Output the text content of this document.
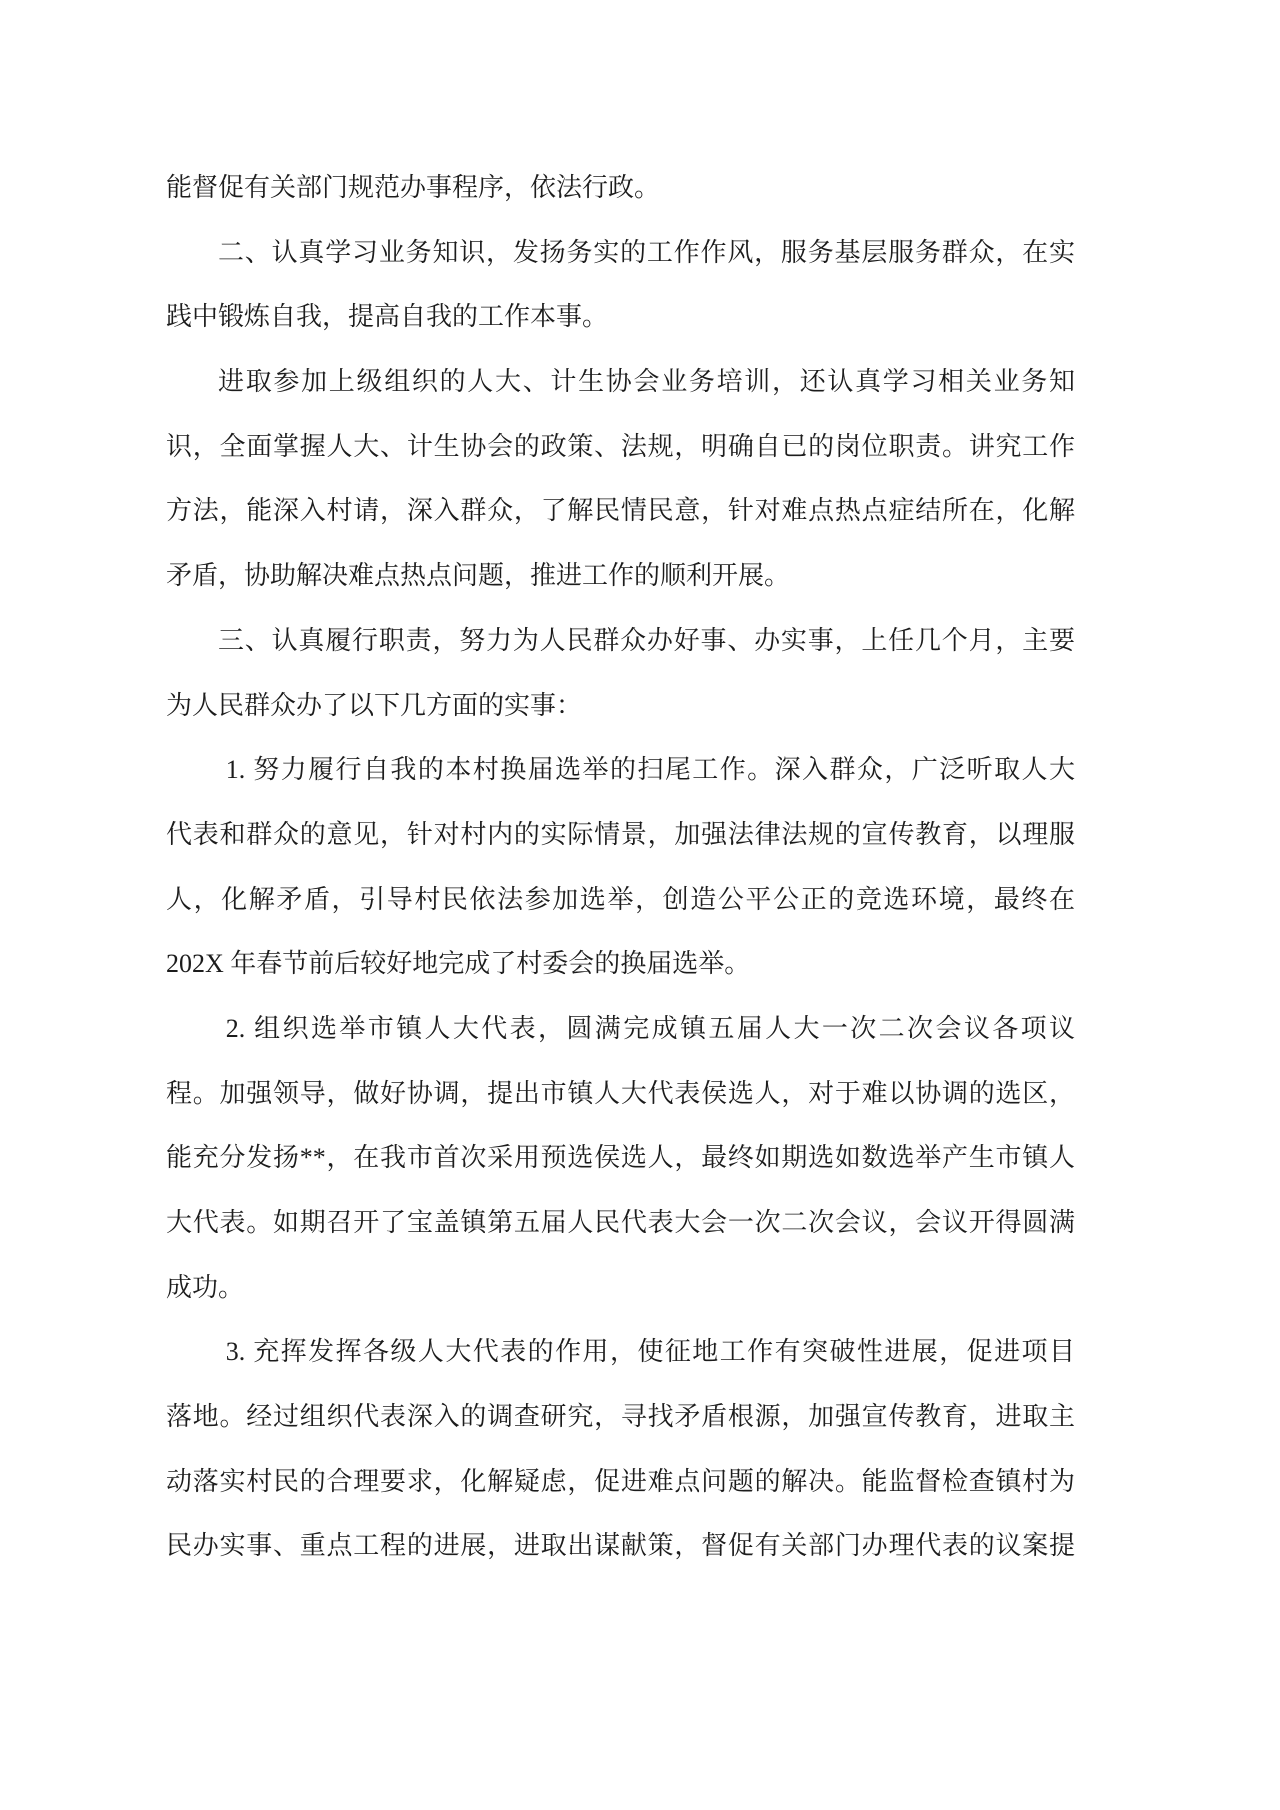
能督促有关部门规范办事程序，依法行政。
二、认真学习业务知识，发扬务实的工作作风，服务基层服务群众，在实
践中锻炼自我，提高自我的工作本事。
进取参加上级组织的人大、计生协会业务培训，还认真学习相关业务知
识，全面掌握人大、计生协会的政策、法规，明确自已的岗位职责。讲究工作
方法，能深入村请，深入群众，了解民情民意，针对难点热点症结所在，化解
矛盾，协助解决难点热点问题，推进工作的顺利开展。
三、认真履行职责，努力为人民群众办好事、办实事，上任几个月，主要
为人民群众办了以下几方面的实事：
1. 努力履行自我的本村换届选举的扫尾工作。深入群众，广泛听取人大
代表和群众的意见，针对村内的实际情景，加强法律法规的宣传教育，以理服
人，化解矛盾，引导村民依法参加选举，创造公平公正的竞选环境，最终在
202X 年春节前后较好地完成了村委会的换届选举。
2. 组织选举市镇人大代表，圆满完成镇五届人大一次二次会议各项议
程。加强领导，做好协调，提出市镇人大代表侯选人，对于难以协调的选区，
能充分发扬**，在我市首次采用预选侯选人，最终如期选如数选举产生市镇人
大代表。如期召开了宝盖镇第五届人民代表大会一次二次会议，会议开得圆满
成功。
3. 充挥发挥各级人大代表的作用，使征地工作有突破性进展，促进项目
落地。经过组织代表深入的调查研究，寻找矛盾根源，加强宣传教育，进取主
动落实村民的合理要求，化解疑虑，促进难点问题的解决。能监督检查镇村为
民办实事、重点工程的进展，进取出谋献策，督促有关部门办理代表的议案提
